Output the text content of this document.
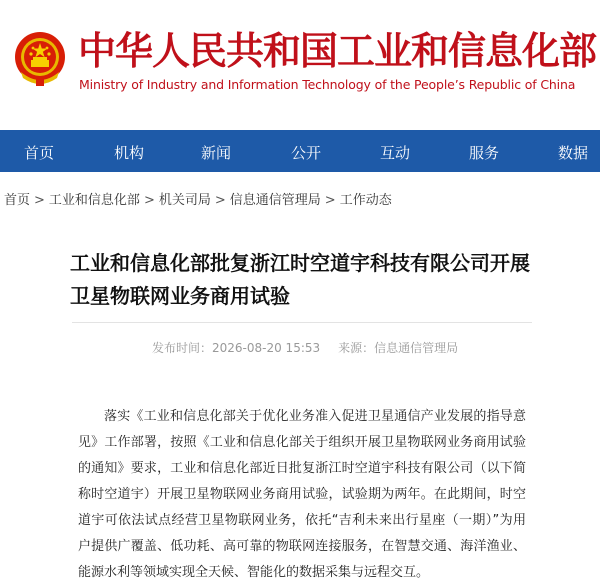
中华人民共和国工业和信息化部
Ministry of Industry and Information Technology of the People’s Republic of China
首页	机构	新闻	公开	互动	服务	数据
首页 > 工业和信息化部 > 机关司局 > 信息通信管理局 > 工作动态
工业和信息化部批复浙江时空道宇科技有限公司开展卫星物联网业务商用试验
发布时间：2026-08-20 15:53 来源：信息通信管理局

落实《工业和信息化部关于优化业务准入促进卫星通信产业发展的指导意见》工作部署，按照《工业和信息化部关于组织开展卫星物联网业务商用试验的通知》要求，工业和信息化部近日批复浙江时空道宇科技有限公司（以下简称时空道宇）开展卫星物联网业务商用试验，试验期为两年。在此期间，时空道宇可依法试点经营卫星物联网业务，依托“吉利未来出行星座（一期）”为用户提供广覆盖、低功耗、高可靠的物联网连接服务，在智慧交通、海洋渔业、能源水利等领域实现全天候、智能化的数据采集与远程交互。
